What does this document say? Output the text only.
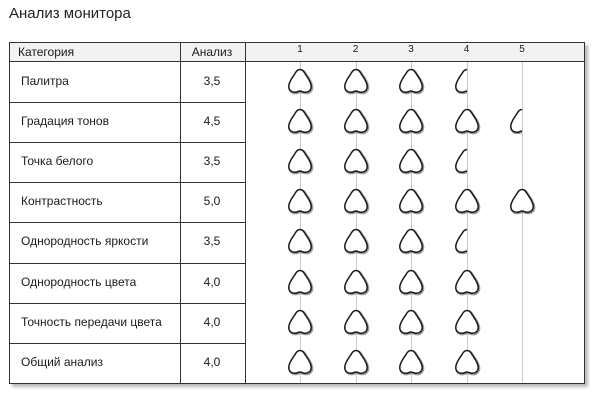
Анализ монитора
Категория	Анализ	1	2	3	4	5
Палитра	3,5
Градация тонов	4,5
Точка белого	3,5
Контрастность	5,0
Однородность яркости	3,5
Однородность цвета	4,0
Точность передачи цвета	4,0
Общий анализ	4,0
